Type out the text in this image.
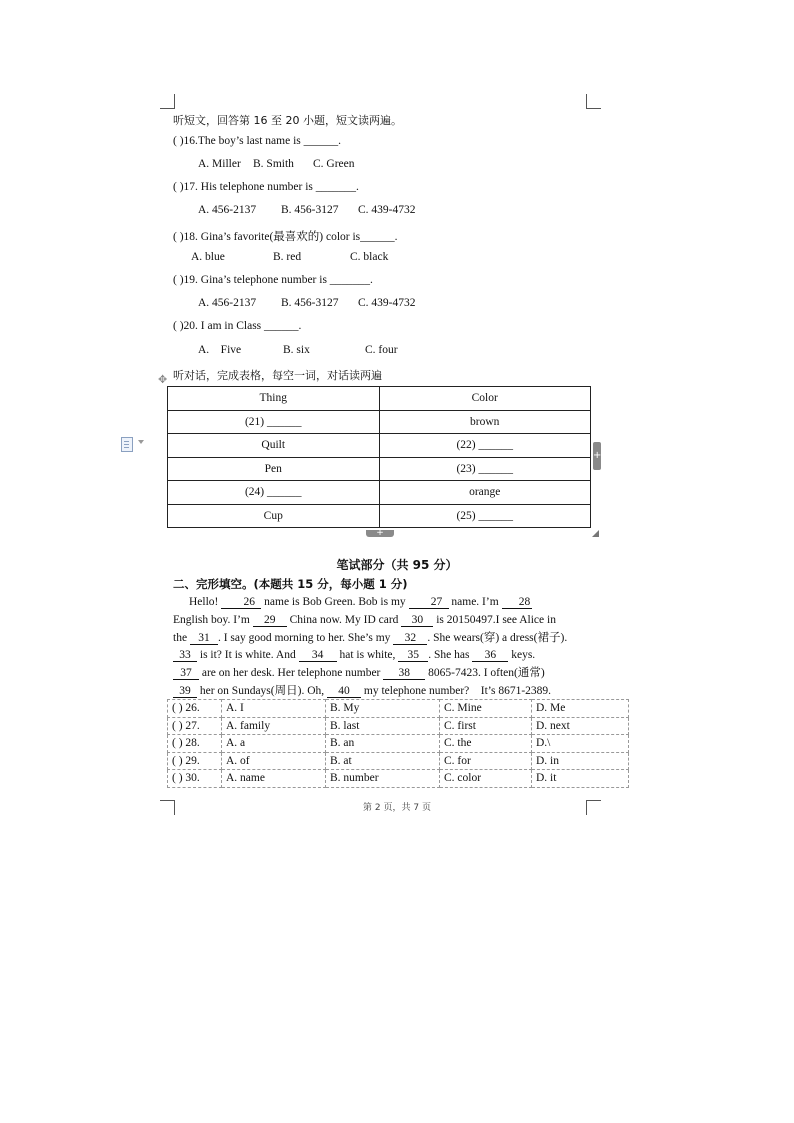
听短文，回答第 16 至 20 小题，短文读两遍。
( )16.The boy’s last name is ______.
A. Miller B. Smith C. Green
( )17. His telephone number is _______.
A. 456-2137 B. 456-3127 C. 439-4732
( )18. Gina’s favorite(最喜欢的) color is______.
A. blue	B. red	C. black
( )19. Gina’s telephone number is _______.
A. 456-2137 B. 456-3127 C. 439-4732
( )20. I am in Class ______.
A.    Five	B. six	C. four
✥ 听对话，完成表格，每空一词，对话读两遍
Thing	Color
(21) ______	brown
Quilt	(22) ______
Pen	(23) ______
(24) ______	orange
Cup	(25) ______
+
+
笔试部分（共 95 分）
二、完形填空。(本题共 15 分，每小题 1 分)

Hello! 26 name is Bob Green. Bob is my 27 name. I’m 28

English boy. I’m 29 China now. My ID card 30 is 20150497.I see Alice in

the 31 . I say good morning to her. She’s my 32 . She wears(穿) a dress(裙子).

33 is it? It is white. And 34 hat is white, 35 . She has 36 keys.

37 are on her desk. Her telephone number 38 8065-7423. I often(通常)

39 her on Sundays(周日). Oh, 40 my telephone number?    It’s 8671-2389.

( ) 26.	A. I	B. My	C. Mine	D. Me
( ) 27.	A. family	B. last	C. first	D. next
( ) 28.	A. a	B. an	C. the	D.\
( ) 29.	A. of	B. at	C. for	D. in
( ) 30.	A. name	B. number	C. color	D. it
第 2 页，共 7 页
